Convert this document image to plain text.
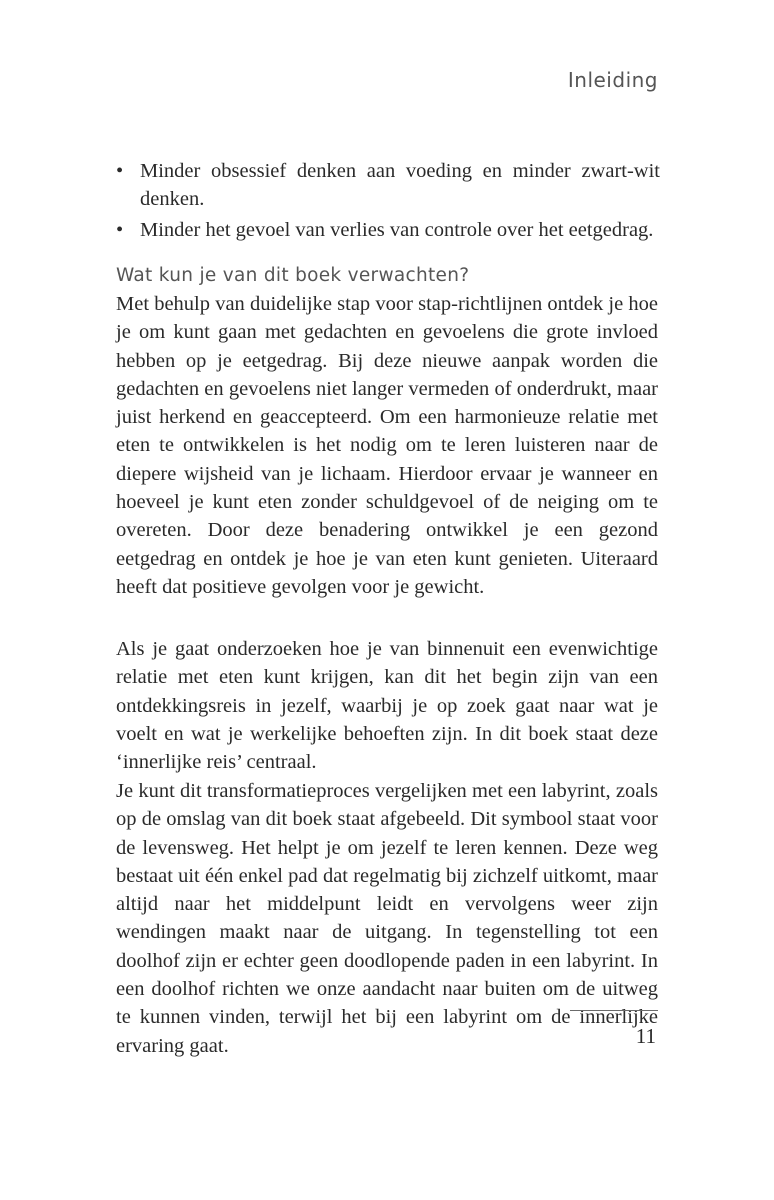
Inleiding
• Minder obsessief denken aan voeding en minder zwart-wit denken.
• Minder het gevoel van verlies van controle over het eetgedrag.
Wat kun je van dit boek verwachten?

Met behulp van duidelijke stap voor stap-richtlijnen ontdek je hoe je om kunt gaan met gedachten en gevoelens die grote invloed hebben op je eetgedrag. Bij deze nieuwe aanpak worden die gedachten en gevoelens niet langer vermeden of onderdrukt, maar juist herkend en geaccepteerd. Om een harmonieuze relatie met eten te ontwikkelen is het nodig om te leren luisteren naar de diepere wijsheid van je lichaam. Hierdoor ervaar je wanneer en hoeveel je kunt eten zonder schuldgevoel of de neiging om te overeten. Door deze benadering ontwikkel je een gezond eetgedrag en ontdek je hoe je van eten kunt genieten. Uiteraard heeft dat positieve gevolgen voor je gewicht.

Als je gaat onderzoeken hoe je van binnenuit een evenwichtige relatie met eten kunt krijgen, kan dit het begin zijn van een ontdekkingsreis in jezelf, waarbij je op zoek gaat naar wat je voelt en wat je werkelijke behoeften zijn. In dit boek staat deze ‘innerlijke reis’ centraal.

Je kunt dit transformatieproces vergelijken met een labyrint, zoals op de omslag van dit boek staat afgebeeld. Dit symbool staat voor de levensweg. Het helpt je om jezelf te leren kennen. Deze weg bestaat uit één enkel pad dat regelmatig bij zichzelf uitkomt, maar altijd naar het middelpunt leidt en vervolgens weer zijn wendingen maakt naar de uitgang. In tegenstelling tot een doolhof zijn er echter geen doodlopende paden in een labyrint. In een doolhof richten we onze aandacht naar buiten om de uitweg te kunnen vinden, terwijl het bij een labyrint om de innerlijke ervaring gaat.	11
